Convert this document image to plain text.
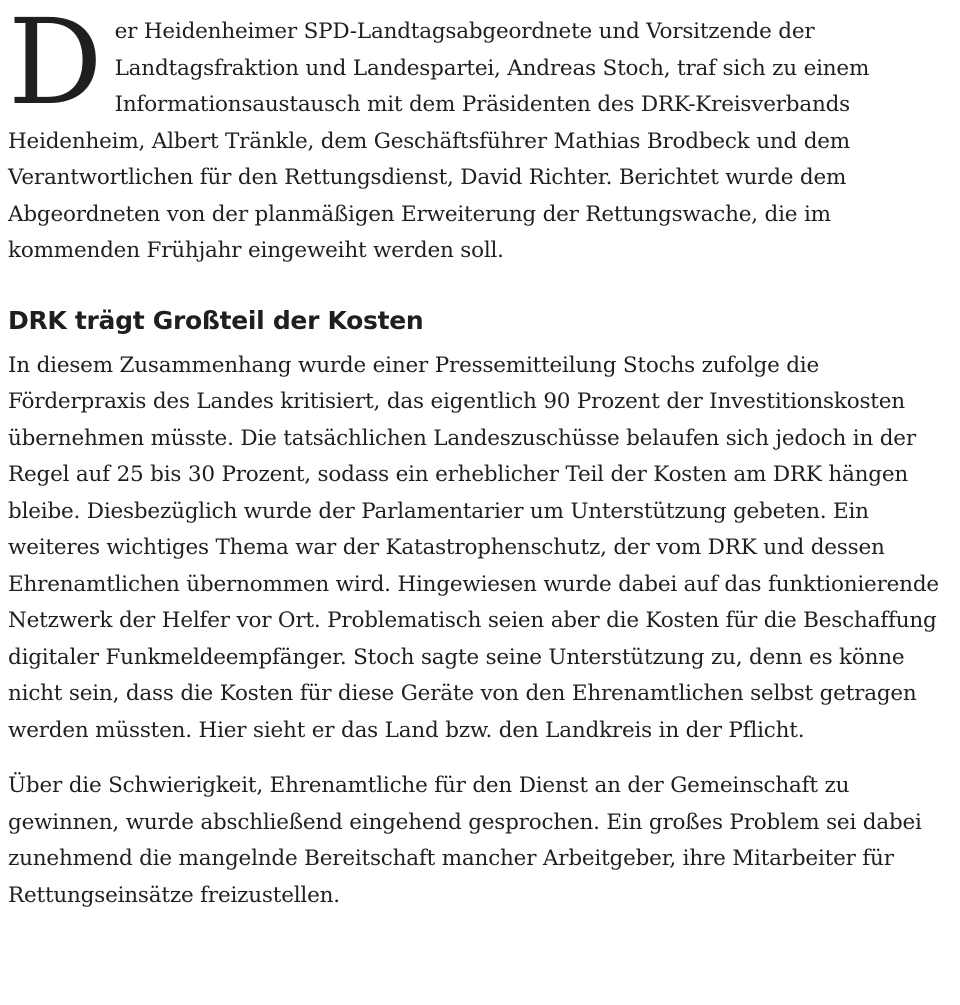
Der Heidenheimer SPD-Landtagsabgeordnete und Vorsitzende der Landtagsfraktion und Landespartei, Andreas Stoch, traf sich zu einem Informationsaustausch mit dem Präsidenten des DRK-Kreisverbands Heidenheim, Albert Tränkle, dem Geschäftsführer Mathias Brodbeck und dem Verantwortlichen für den Rettungsdienst, David Richter. Berichtet wurde dem Abgeordneten von der planmäßigen Erweiterung der Rettungswache, die im kommenden Frühjahr eingeweiht werden soll.

DRK trägt Großteil der Kosten

In diesem Zusammenhang wurde einer Pressemitteilung Stochs zufolge die Förderpraxis des Landes kritisiert, das eigentlich 90 Prozent der Investitionskosten übernehmen müsste. Die tatsächlichen Landeszuschüsse belaufen sich jedoch in der Regel auf 25 bis 30 Prozent, sodass ein erheblicher Teil der Kosten am DRK hängen bleibe. Diesbezüglich wurde der Parlamentarier um Unterstützung gebeten. Ein weiteres wichtiges Thema war der Katastrophenschutz, der vom DRK und dessen Ehrenamtlichen übernommen wird. Hingewiesen wurde dabei auf das funktionierende Netzwerk der Helfer vor Ort. Problematisch seien aber die Kosten für die Beschaffung digitaler Funkmeldeempfänger. Stoch sagte seine Unterstützung zu, denn es könne nicht sein, dass die Kosten für diese Geräte von den Ehrenamtlichen selbst getragen werden müssten. Hier sieht er das Land bzw. den Landkreis in der Pflicht.

Über die Schwierigkeit, Ehrenamtliche für den Dienst an der Gemeinschaft zu gewinnen, wurde abschließend eingehend gesprochen. Ein großes Problem sei dabei zunehmend die mangelnde Bereitschaft mancher Arbeitgeber, ihre Mitarbeiter für Rettungseinsätze freizustellen.
